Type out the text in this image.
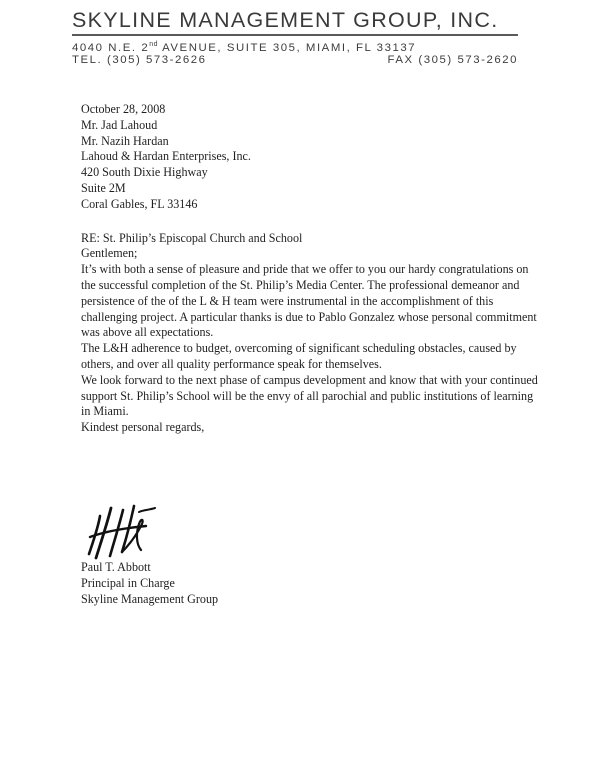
SKYLINE MANAGEMENT GROUP, INC.
4040 N.E. 2nd AVENUE, SUITE 305, MIAMI, FL 33137
TEL. (305) 573-2626	FAX (305) 573-2620

October 28, 2008

Mr. Jad Lahoud

Mr. Nazih Hardan

Lahoud & Hardan Enterprises, Inc.

420 South Dixie Highway

Suite 2M

Coral Gables, FL 33146

RE: St. Philip’s Episcopal Church and School

Gentlemen;

It’s with both a sense of pleasure and pride that we offer to you our hardy congratulations on the successful completion of the St. Philip’s Media Center. The professional demeanor and persistence of the of the L & H team were instrumental in the accomplishment of this challenging project. A particular thanks is due to Pablo Gonzalez whose personal commitment was above all expectations.

The L&H adherence to budget, overcoming of significant scheduling obstacles, caused by others, and over all quality performance speak for themselves.

We look forward to the next phase of campus development and know that with your continued support St. Philip’s School will be the envy of all parochial and public institutions of learning in Miami.

Kindest personal regards,

Paul T. Abbott

Principal in Charge

Skyline Management Group
